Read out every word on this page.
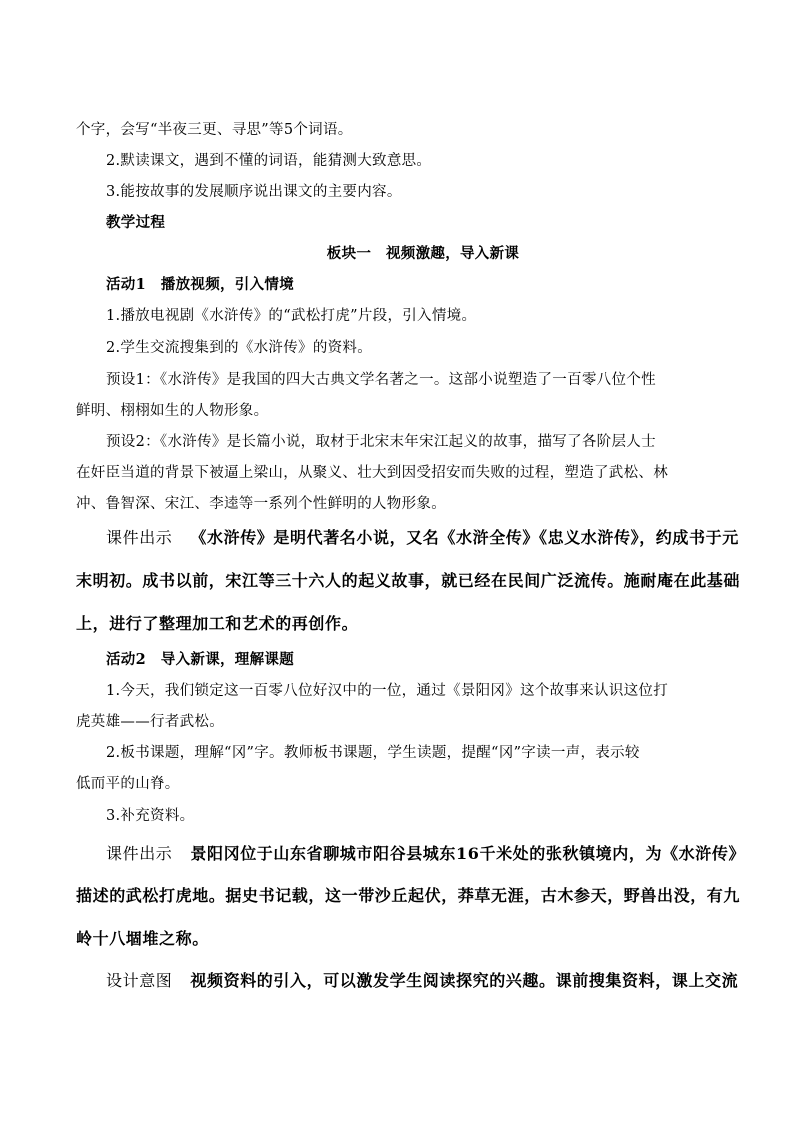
个字，会写“半夜三更、寻思”等5个词语。
2.默读课文，遇到不懂的词语，能猜测大致意思。
3.能按故事的发展顺序说出课文的主要内容。
教学过程
板块一　视频激趣，导入新课
活动1　播放视频，引入情境
1.播放电视剧《水浒传》的“武松打虎”片段，引入情境。
2.学生交流搜集到的《水浒传》的资料。
预设1：《水浒传》是我国的四大古典文学名著之一。这部小说塑造了一百零八位个性
鲜明、栩栩如生的人物形象。
预设2：《水浒传》是长篇小说，取材于北宋末年宋江起义的故事，描写了各阶层人士
在奸臣当道的背景下被逼上梁山，从聚义、壮大到因受招安而失败的过程，塑造了武松、林
冲、鲁智深、宋江、李逵等一系列个性鲜明的人物形象。
课件出示 《水浒传》是明代著名小说，又名《水浒全传》《忠义水浒传》，约成书于元
末明初。成书以前，宋江等三十六人的起义故事，就已经在民间广泛流传。施耐庵在此基础
上，进行了整理加工和艺术的再创作。
活动2　导入新课，理解课题
1.今天，我们锁定这一百零八位好汉中的一位，通过《景阳冈》这个故事来认识这位打
虎英雄——行者武松。
2.板书课题，理解“冈”字。教师板书课题，学生读题，提醒“冈”字读一声，表示较
低而平的山脊。
3.补充资料。
课件出示 景阳冈位于山东省聊城市阳谷县城东16千米处的张秋镇境内，为《水浒传》
描述的武松打虎地。据史书记载，这一带沙丘起伏，莽草无涯，古木参天，野兽出没，有九
岭十八堌堆之称。
设计意图 视频资料的引入，可以激发学生阅读探究的兴趣。课前搜集资料，课上交流
